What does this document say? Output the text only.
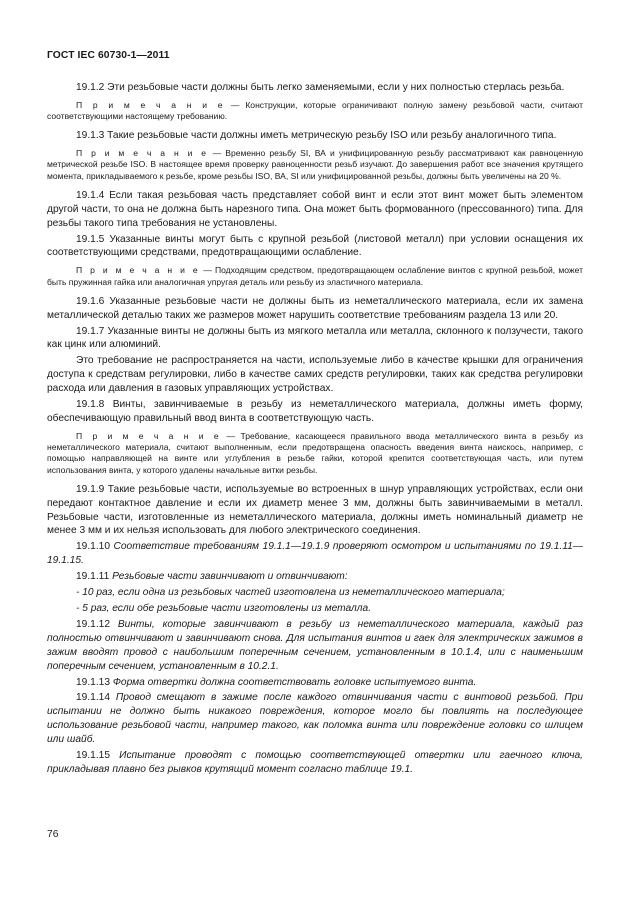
ГОСТ IEC 60730-1—2011

19.1.2 Эти резьбовые части должны быть легко заменяемыми, если у них полностью стерлась резьба.

П р и м е ч а н и е — Конструкции, которые ограничивают полную замену резьбовой части, считают соответствующими настоящему требованию.

19.1.3 Такие резьбовые части должны иметь метрическую резьбу ISO или резьбу аналогичного типа.

П р и м е ч а н и е — Временно резьбу SI, ВА и унифицированную резьбу рассматривают как равноценную метрической резьбе ISO. В настоящее время проверку равноценности резьб изучают. До завершения работ все значения крутящего момента, прикладываемого к резьбе, кроме резьбы ISO, ВА, SI или унифицированной резьбы, должны быть увеличены на 20 %.

19.1.4 Если такая резьбовая часть представляет собой винт и если этот винт может быть элементом другой части, то она не должна быть нарезного типа. Она может быть формованного (прессованного) типа. Для резьбы такого типа требования не установлены.

19.1.5 Указанные винты могут быть с крупной резьбой (листовой металл) при условии оснащения их соответствующими средствами, предотвращающими ослабление.

П р и м е ч а н и е — Подходящим средством, предотвращающем ослабление винтов с крупной резьбой, может быть пружинная гайка или аналогичная упругая деталь или резьбу из эластичного материала.

19.1.6 Указанные резьбовые части не должны быть из неметаллического материала, если их замена металлической деталью таких же размеров может нарушить соответствие требованиям раздела 13 или 20.

19.1.7 Указанные винты не должны быть из мягкого металла или металла, склонного к ползучести, такого как цинк или алюминий.

Это требование не распространяется на части, используемые либо в качестве крышки для ограничения доступа к средствам регулировки, либо в качестве самих средств регулировки, таких как средства регулировки расхода или давления в газовых управляющих устройствах.

19.1.8 Винты, завинчиваемые в резьбу из неметаллического материала, должны иметь форму, обеспечивающую правильный ввод винта в соответствующую часть.

П р и м е ч а н и е — Требование, касающееся правильного ввода металлического винта в резьбу из неметаллического материала, считают выполненным, если предотвращена опасность введения винта наискось, например, с помощью направляющей на винте или углубления в резьбе гайки, которой крепится соответствующая часть, или путем использования винта, у которого удалены начальные витки резьбы.

19.1.9 Такие резьбовые части, используемые во встроенных в шнур управляющих устройствах, если они передают контактное давление и если их диаметр менее 3 мм, должны быть завинчиваемыми в металл. Резьбовые части, изготовленные из неметаллического материала, должны иметь номинальный диаметр не менее 3 мм и их нельзя использовать для любого электрического соединения.

19.1.10 Соответствие требованиям 19.1.1—19.1.9 проверяют осмотром и испытаниями по 19.1.11—19.1.15.

19.1.11 Резьбовые части завинчивают и отвинчивают:

- 10 раз, если одна из резьбовых частей изготовлена из неметаллического материала;

- 5 раз, если обе резьбовые части изготовлены из металла.

19.1.12 Винты, которые завинчивают в резьбу из неметаллического материала, каждый раз полностью отвинчивают и завинчивают снова. Для испытания винтов и гаек для электрических зажимов в зажим вводят провод с наибольшим поперечным сечением, установленным в 10.1.4, или с наименьшим поперечным сечением, установленным в 10.2.1.

19.1.13 Форма отвертки должна соответствовать головке испытуемого винта.

19.1.14 Провод смещают в зажиме после каждого отвинчивания части с винтовой резьбой. При испытании не должно быть никакого повреждения, которое могло бы повлиять на последующее использование резьбовой части, например такого, как поломка винта или повреждение головки со шлицем или шайб.

19.1.15 Испытание проводят с помощью соответствующей отвертки или гаечного ключа, прикладывая плавно без рывков крутящий момент согласно таблице 19.1.

76
